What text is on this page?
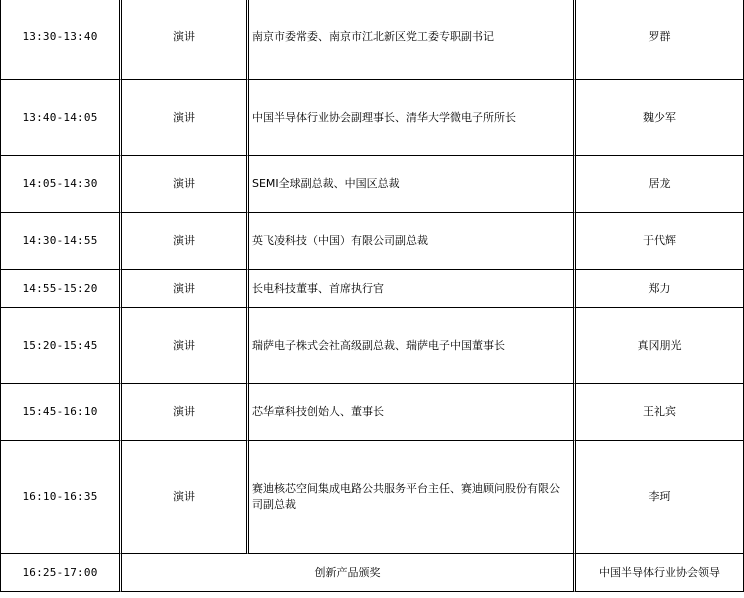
13:30-13:40	演讲	南京市委常委、南京市江北新区党工委专职副书记	罗群
13:40-14:05	演讲	中国半导体行业协会副理事长、清华大学微电子所所长	魏少军
14:05-14:30	演讲	SEMI全球副总裁、中国区总裁	居龙
14:30-14:55	演讲	英飞凌科技（中国）有限公司副总裁	于代辉
14:55-15:20	演讲	长电科技董事、首席执行官	郑力
15:20-15:45	演讲	瑞萨电子株式会社高级副总裁、瑞萨电子中国董事长	真冈朋光
15:45-16:10	演讲	芯华章科技创始人、董事长	王礼宾
16:10-16:35	演讲	赛迪核芯空间集成电路公共服务平台主任、赛迪顾问股份有限公司副总裁	李珂
16:25-17:00	创新产品颁奖		中国半导体行业协会领导
